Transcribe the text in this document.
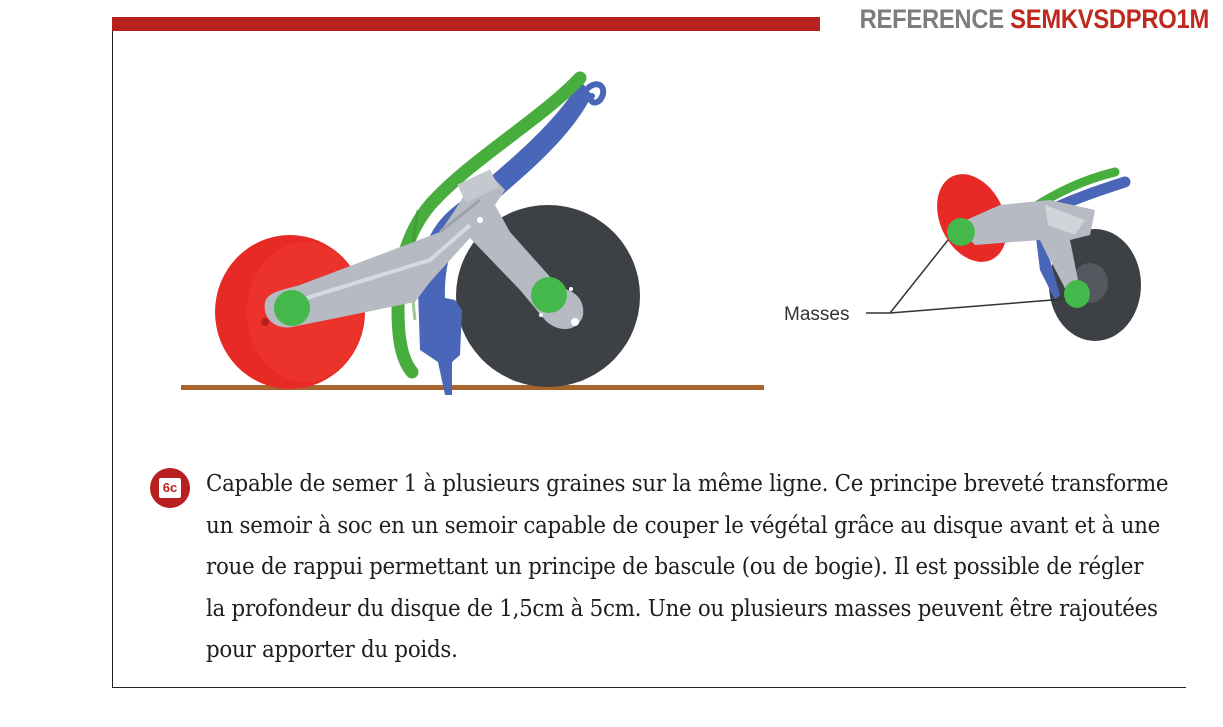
REFERENCE SEMKVSDPRO1M
Masses
6c Capable de semer 1 à plusieurs graines sur la même ligne. Ce principe breveté transforme
un semoir à soc en un semoir capable de couper le végétal grâce au disque avant et à une
roue de rappui permettant un principe de bascule (ou de bogie). Il est possible de régler
la profondeur du disque de 1,5cm à 5cm. Une ou plusieurs masses peuvent être rajoutées
pour apporter du poids.
